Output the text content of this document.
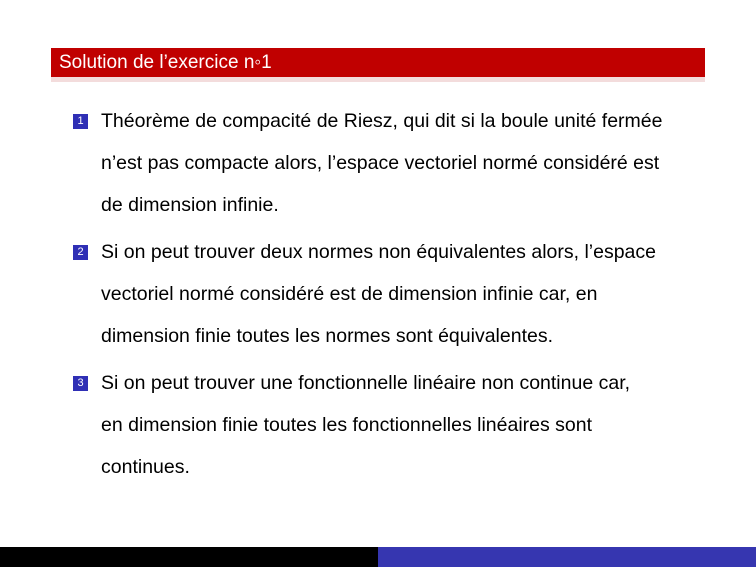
Solution de l’exercice n◦1
1 Théorème de compacité de Riesz, qui dit si la boule unité fermée
n’est pas compacte alors, l’espace vectoriel normé considéré est
de dimension infinie.
2 Si on peut trouver deux normes non équivalentes alors, l’espace
vectoriel normé considéré est de dimension infinie car, en
dimension finie toutes les normes sont équivalentes.
3 Si on peut trouver une fonctionnelle linéaire non continue car,
en dimension finie toutes les fonctionnelles linéaires sont
continues.
